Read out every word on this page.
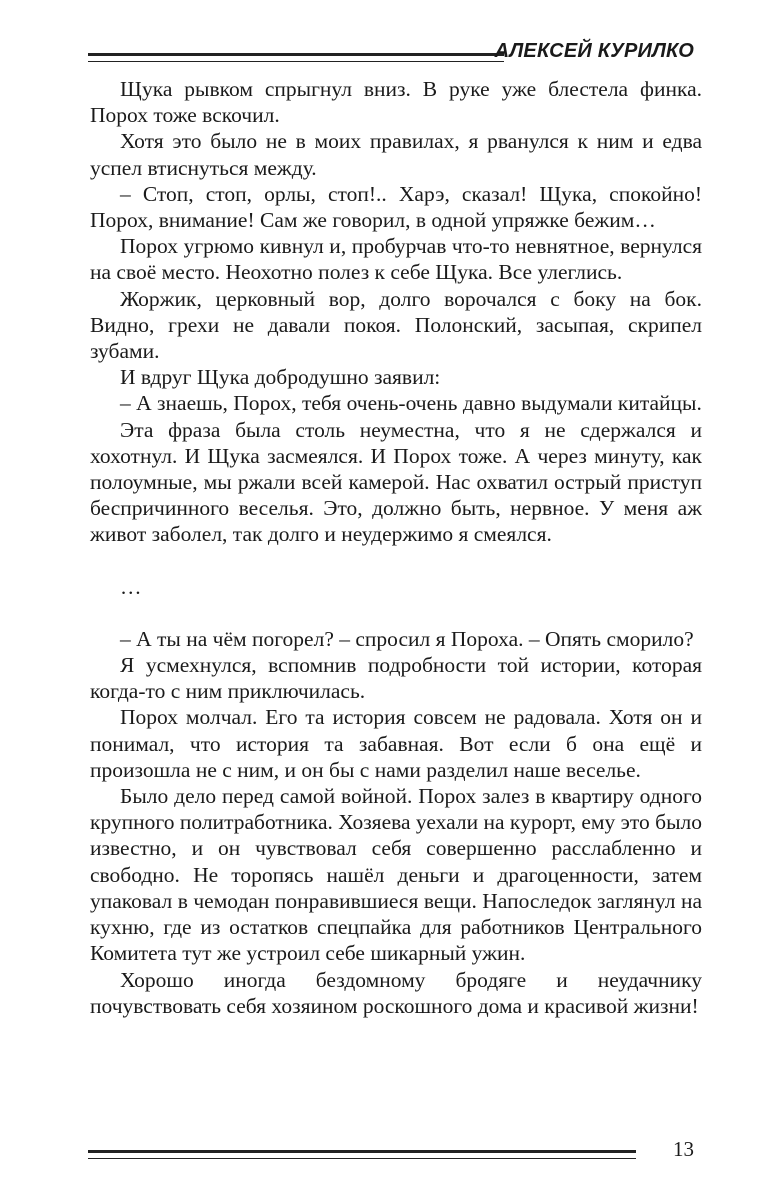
АЛЕКСЕЙ КУРИЛКО

Щука рывком спрыгнул вниз. В руке уже блестела финка. Порох тоже вскочил.

Хотя это было не в моих правилах, я рванулся к ним и едва успел втиснуться между.

– Стоп, стоп, орлы, стоп!.. Харэ, сказал! Щука, спокойно! Порох, внимание! Сам же говорил, в одной упряжке бежим…

Порох угрюмо кивнул и, пробурчав что-то невнятное, вернулся на своё место. Неохотно полез к себе Щука. Все улеглись.

Жоржик, церковный вор, долго ворочался с боку на бок. Видно, грехи не давали покоя. Полонский, засыпая, скрипел зубами.

И вдруг Щука добродушно заявил:

– А знаешь, Порох, тебя очень-очень давно выдумали китайцы.

Эта фраза была столь неуместна, что я не сдержался и хохотнул. И Щука засмеялся. И Порох тоже. А через минуту, как полоумные, мы ржали всей камерой. Нас охватил острый приступ беспричинного веселья. Это, должно быть, нервное. У меня аж живот заболел, так долго и неудержимо я смеялся.

…

– А ты на чём погорел? – спросил я Пороха. – Опять сморило?

Я усмехнулся, вспомнив подробности той истории, которая когда-то с ним приключилась.

Порох молчал. Его та история совсем не радовала. Хотя он и понимал, что история та забавная. Вот если б она ещё и произошла не с ним, и он бы с нами разделил наше веселье.

Было дело перед самой войной. Порох залез в квартиру одного крупного политработника. Хозяева уехали на курорт, ему это было известно, и он чувствовал себя совершенно расслабленно и свободно. Не торопясь нашёл деньги и драгоценности, затем упаковал в чемодан понравившиеся вещи. Напоследок заглянул на кухню, где из остатков спецпайка для работников Центрального Комитета тут же устроил себе шикарный ужин.

Хорошо иногда бездомному бродяге и неудачнику почувствовать себя хозяином роскошного дома и красивой жизни!

13
